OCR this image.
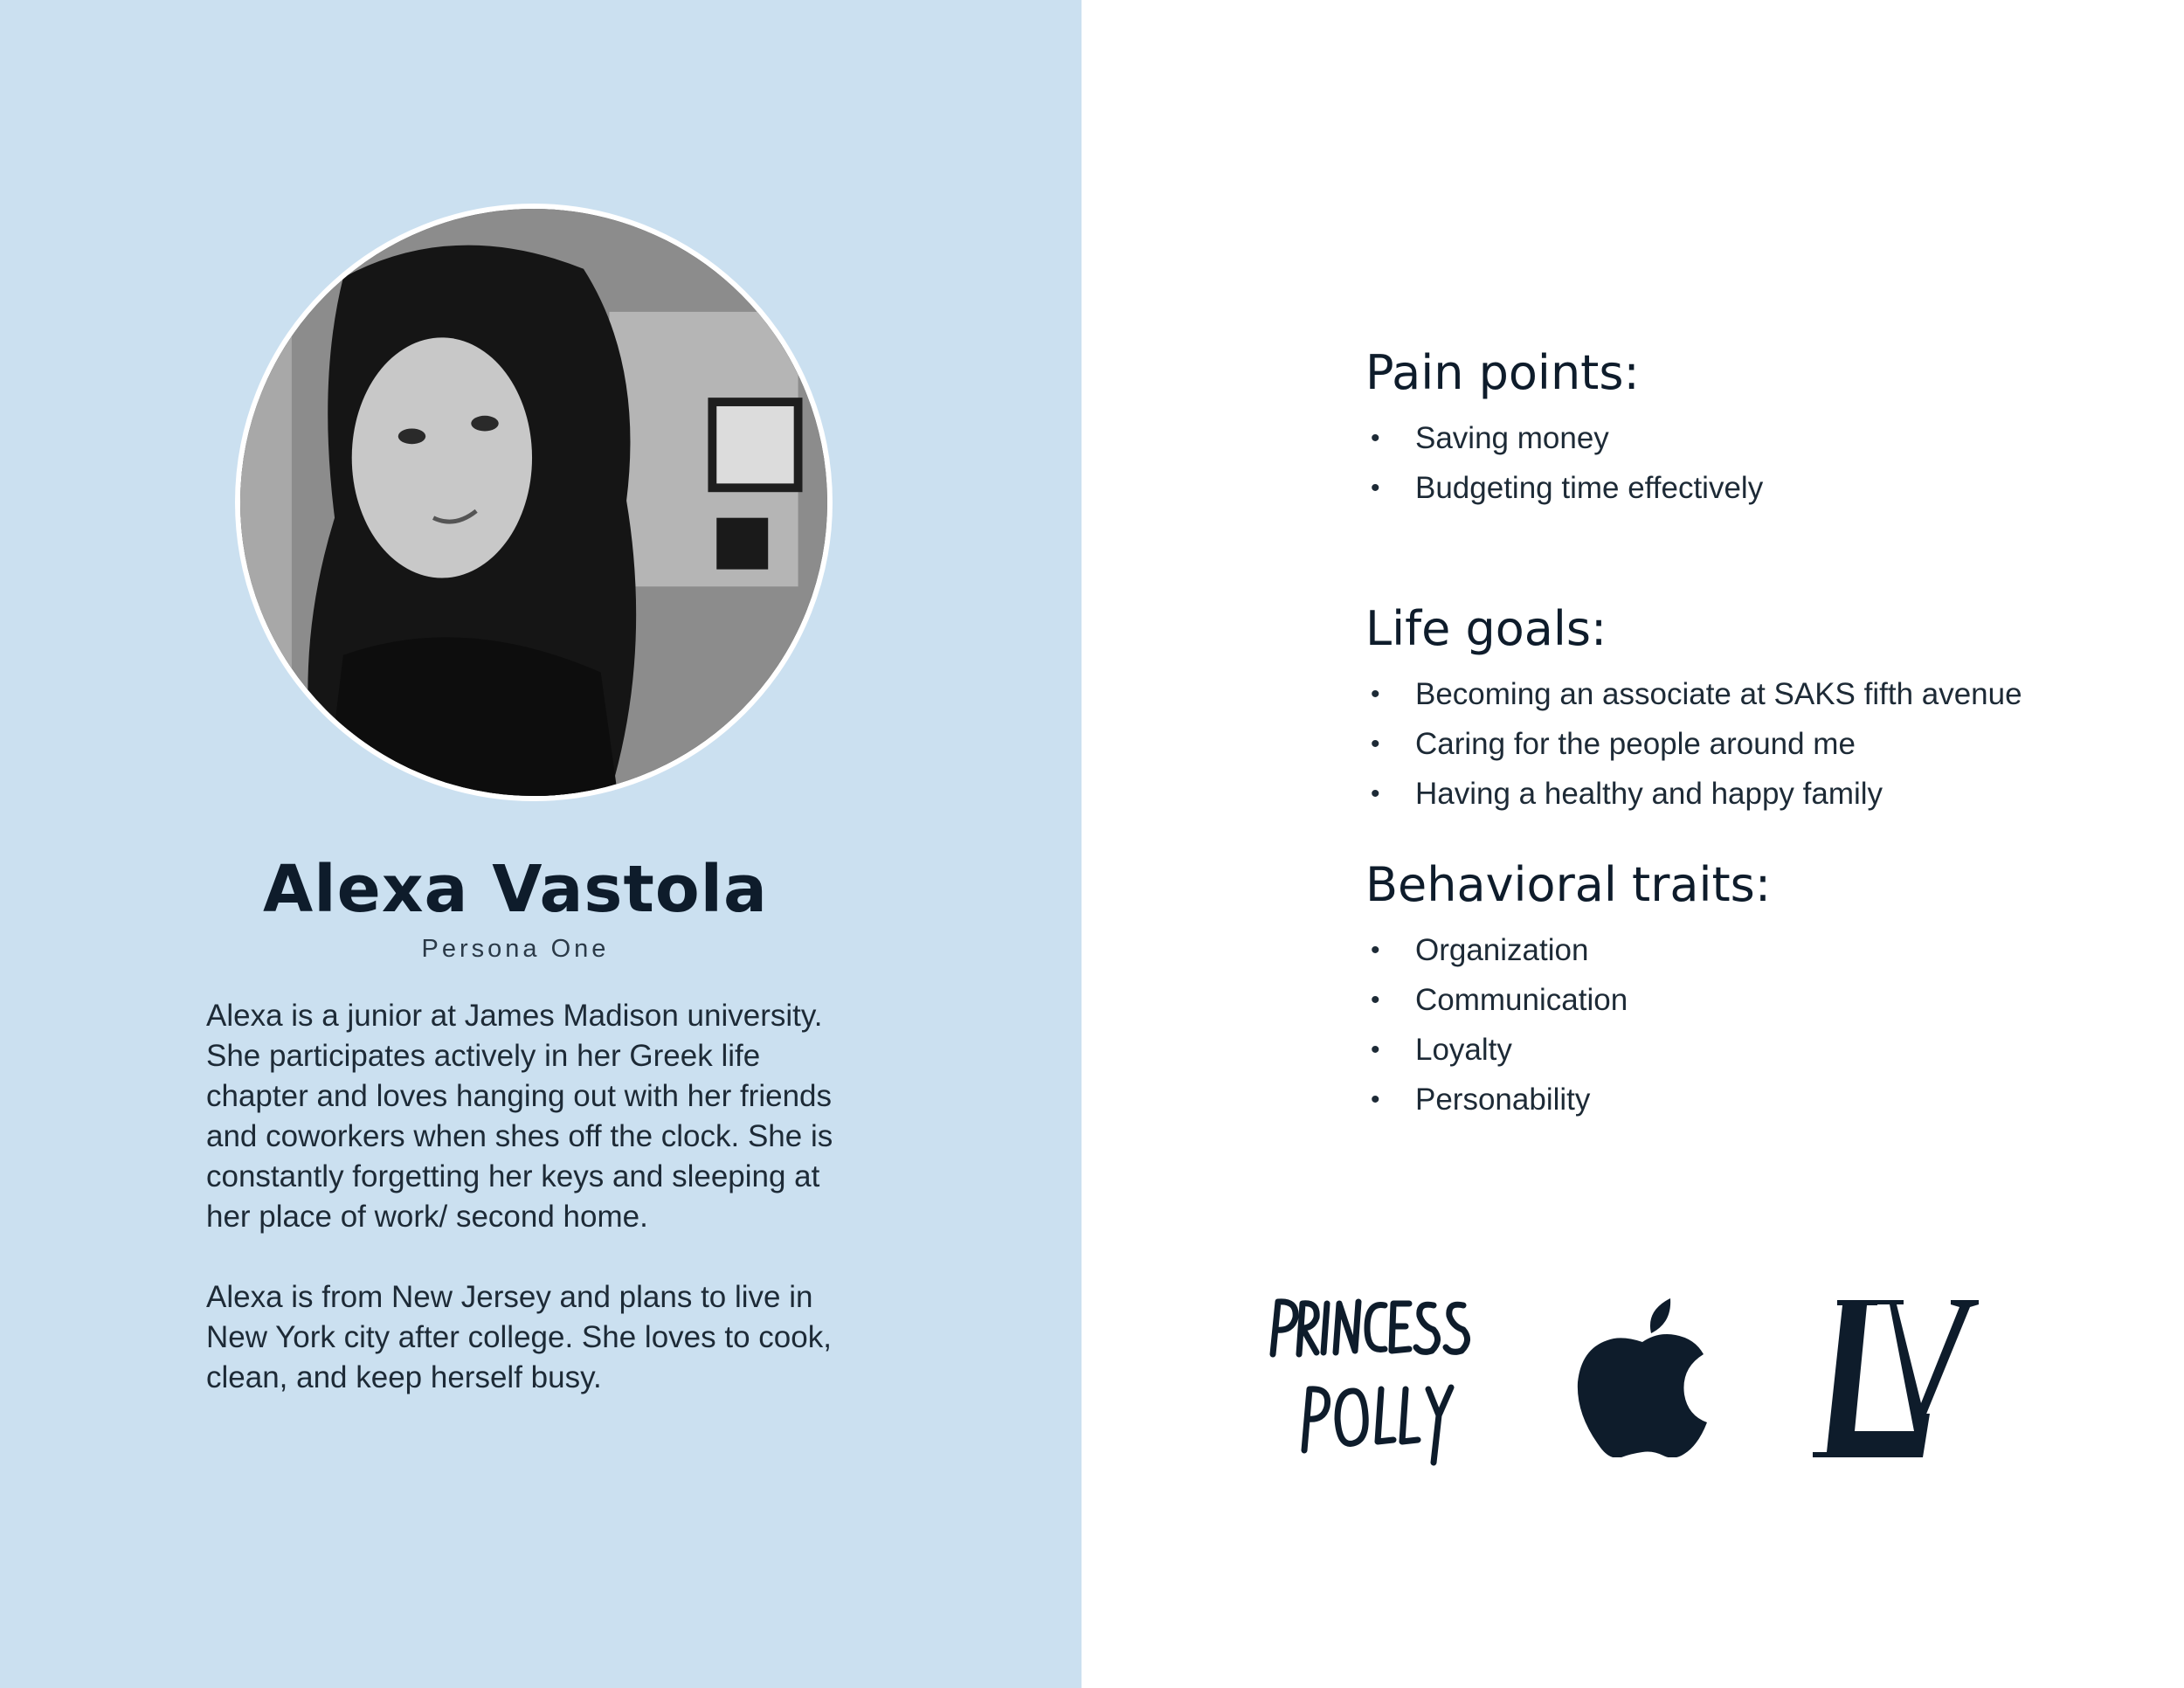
Alexa Vastola
Persona One

Alexa is a junior at James Madison university. She participates actively in her Greek life chapter and loves hanging out with her friends and coworkers when shes off the clock. She is constantly forgetting her keys and sleeping at her place of work/ second home.

Alexa is from New Jersey and plans to live in New York city after college. She loves to cook, clean, and keep herself busy.

Pain points:
• Saving money
• Budgeting time effectively
Life goals:
• Becoming an associate at SAKS fifth avenue
• Caring for the people around me
• Having a healthy and happy family
Behavioral traits:
• Organization
• Communication
• Loyalty
• Personability
